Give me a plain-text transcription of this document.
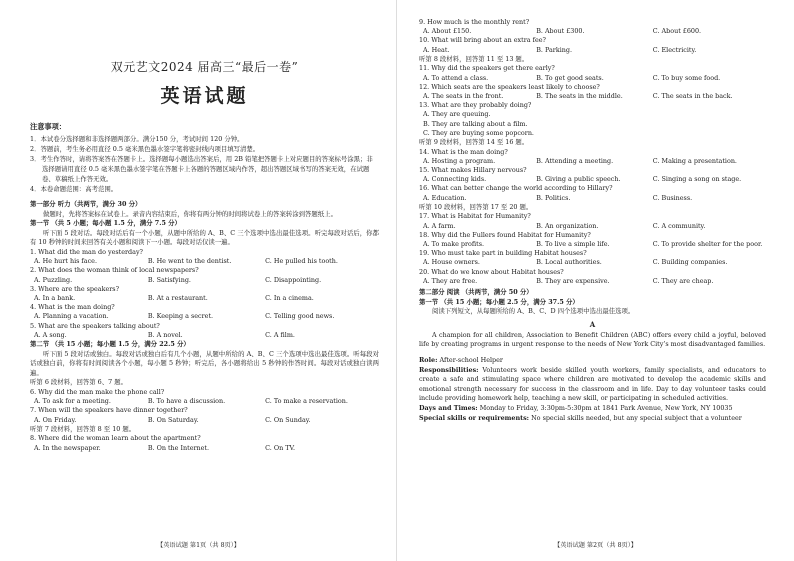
双元艺文2024 届高三“最后一卷”
英语试题
注意事项：
1．本试卷分选择题和非选择题两部分。满分150 分，考试时间 120 分钟。
2．答题前，考生务必用直径 0.5 毫米黑色墨水签字笔将密封线内项目填写清楚。
3．考生作答时，请将答案答在答题卡上。选择题每小题选出答案后，用 2B 铅笔把答题卡上对应题目的答案标号涂黑；非选择题请用直径 0.5 毫米黑色墨水签字笔在答题卡上各题的答题区域内作答，超出答题区域书写的答案无效，在试题卷、草稿纸上作答无效。
4．本卷命题范围：高考范围。
第一部分 听力（共两节，满分 30 分）
做题时，先将答案标在试卷上。录音内容结束后，你将有两分钟的时间将试卷上的答案转涂到答题纸上。
第一节 （共 5 小题；每小题 1.5 分，满分 7.5 分）
听下面 5 段对话。每段对话后有一个小题，从题中所给的 A、B、C 三个选项中选出最佳选项。听完每段对话后，你都有 10 秒钟的时间来回答有关小题和阅读下一小题。每段对话仅读一遍。
1. What did the man do yesterday?
A. He hurt his face.	B. He went to the dentist.	C. He pulled his tooth.
2. What does the woman think of local newspapers?
A. Puzzling.	B. Satisfying.	C. Disappointing.
3. Where are the speakers?
A. In a bank.	B. At a restaurant.	C. In a cinema.
4. What is the man doing?
A. Planning a vacation.	B. Keeping a secret.	C. Telling good news.
5. What are the speakers talking about?
A. A song.	B. A novel.	C. A film.
第二节 （共 15 小题；每小题 1.5 分，满分 22.5 分）
听下面 5 段对话或独白。每段对话或独白后有几个小题，从题中所给的 A、B、C 三个选项中选出最佳选项。听每段对话或独白前，你将有时间阅读各个小题，每小题 5 秒钟；听完后，各小题将给出 5 秒钟的作答时间。每段对话或独白读两遍。
听第 6 段材料，回答第 6、7 题。
6. Why did the man make the phone call?
A. To ask for a meeting.	B. To have a discussion.	C. To make a reservation.
7. When will the speakers have dinner together?
A. On Friday.	B. On Saturday.	C. On Sunday.
听第 7 段材料，回答第 8 至 10 题。
8. Where did the woman learn about the apartment?
A. In the newspaper.	B. On the Internet.	C. On TV.
【英语试题 第1页（共 8页）】
9. How much is the monthly rent?
A. About £150.	B. About £300.	C. About £600.
10. What will bring about an extra fee?
A. Heat.	B. Parking.	C. Electricity.
听第 8 段材料，回答第 11 至 13 题。
11. Why did the speakers get there early?
A. To attend a class.	B. To get good seats.	C. To buy some food.
12. Which seats are the speakers least likely to choose?
A. The seats in the front.	B. The seats in the middle.	C. The seats in the back.
13. What are they probably doing?
A. They are queuing.
B. They are talking about a film.
C. They are buying some popcorn.
听第 9 段材料，回答第 14 至 16 题。
14. What is the man doing?
A. Hosting a program.	B. Attending a meeting.	C. Making a presentation.
15. What makes Hillary nervous?
A. Connecting kids.	B. Giving a public speech.	C. Singing a song on stage.
16. What can better change the world according to Hillary?
A. Education.	B. Politics.	C. Business.
听第 10 段材料，回答第 17 至 20 题。
17. What is Habitat for Humanity?
A. A farm.	B. An organization.	C. A community.
18. Why did the Fullers found Habitat for Humanity?
A. To make profits.	B. To live a simple life.	C. To provide shelter for the poor.
19. Who must take part in building Habitat houses?
A. House owners.	B. Local authorities.	C. Building companies.
20. What do we know about Habitat houses?
A. They are free.	B. They are expensive.	C. They are cheap.
第二部分 阅读 （共两节，满分 50 分）
第一节 （共 15 小题；每小题 2.5 分，满分 37.5 分）
阅读下列短文，从每题所给的 A、B、C、D 四个选项中选出最佳选项。
A
A champion for all children, Association to Benefit Children (ABC) offers every child a joyful, beloved life by creating programs in urgent response to the needs of New York City’s most disadvantaged families.
Role: After-school Helper
Responsibilities: Volunteers work beside skilled youth workers, family specialists, and educators to create a safe and stimulating space where children are motivated to develop the academic skills and emotional strength necessary for success in the classroom and in life. Day to day volunteer tasks could include providing homework help, teaching a new skill, or participating in scheduled activities.
Days and Times: Monday to Friday, 3:30pm-5:30pm at 1841 Park Avenue, New York, NY 10035
Special skills or requirements: No special skills needed, but any special subject that a volunteer
【英语试题 第2页（共 8页）】
